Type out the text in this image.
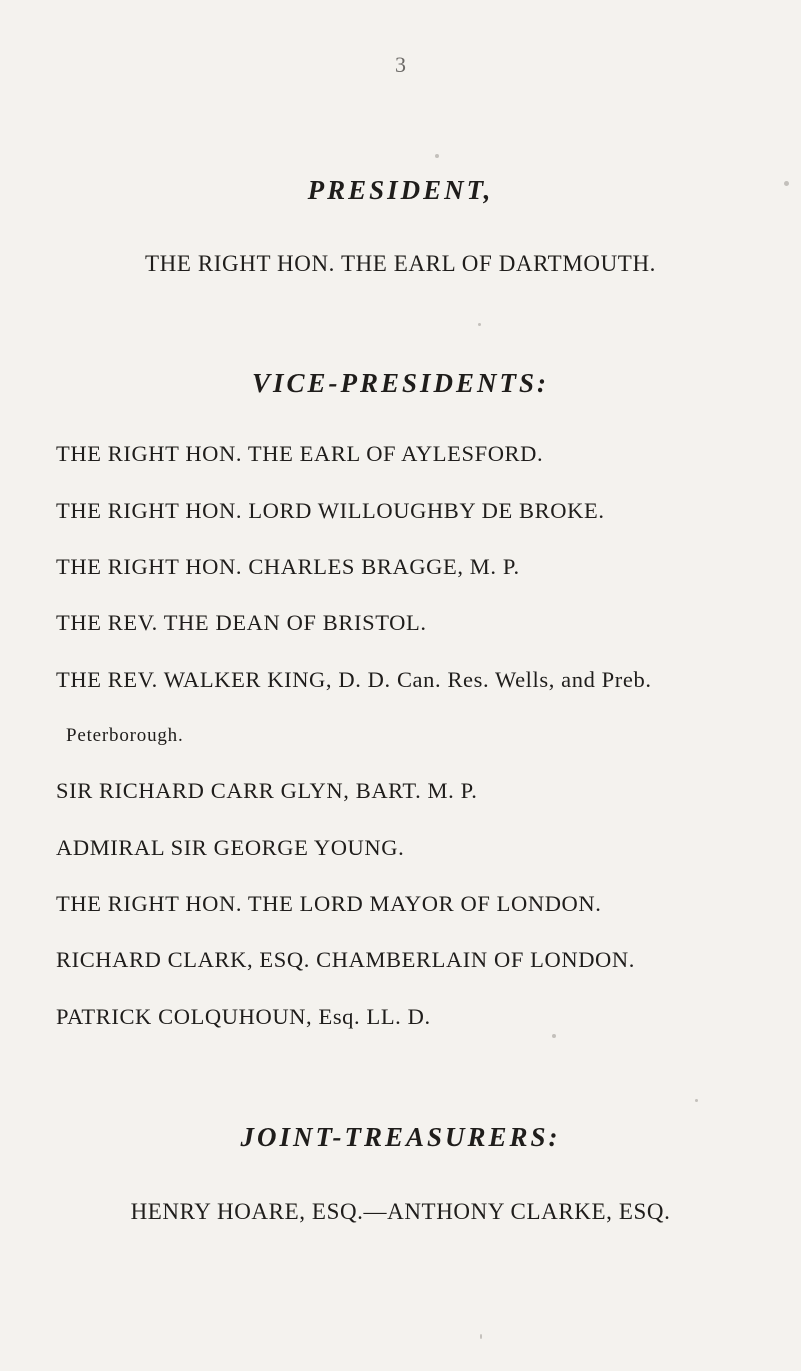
3
PRESIDENT,
THE RIGHT HON. THE EARL OF DARTMOUTH.
VICE-PRESIDENTS:
THE RIGHT HON. THE EARL OF AYLESFORD.
THE RIGHT HON. LORD WILLOUGHBY DE BROKE.
THE RIGHT HON. CHARLES BRAGGE, M. P.
THE REV. THE DEAN OF BRISTOL.
THE REV. WALKER KING, D. D. Can. Res. Wells, and Preb.
Peterborough.
SIR RICHARD CARR GLYN, BART. M. P.
ADMIRAL SIR GEORGE YOUNG.
THE RIGHT HON. THE LORD MAYOR OF LONDON.
RICHARD CLARK, ESQ. CHAMBERLAIN OF LONDON.
PATRICK COLQUHOUN, Esq. LL. D.
JOINT-TREASURERS:
HENRY HOARE, ESQ.—ANTHONY CLARKE, ESQ.
